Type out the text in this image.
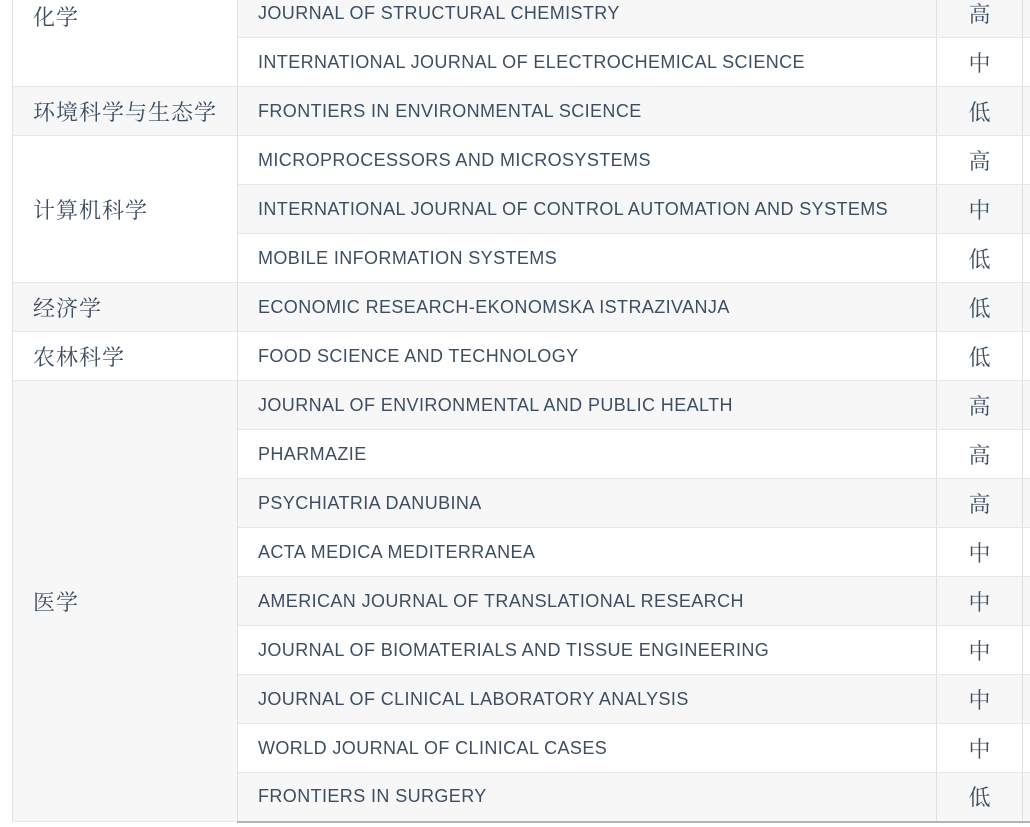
化学	JOURNAL OF STRUCTURAL CHEMISTRY	高	
	INTERNATIONAL JOURNAL OF ELECTROCHEMICAL SCIENCE	中	
环境科学与生态学	FRONTIERS IN ENVIRONMENTAL SCIENCE	低	
计算机科学	MICROPROCESSORS AND MICROSYSTEMS	高	
	INTERNATIONAL JOURNAL OF CONTROL AUTOMATION AND SYSTEMS	中	
	MOBILE INFORMATION SYSTEMS	低	
经济学	ECONOMIC RESEARCH-EKONOMSKA ISTRAZIVANJA	低	
农林科学	FOOD SCIENCE AND TECHNOLOGY	低	
医学	JOURNAL OF ENVIRONMENTAL AND PUBLIC HEALTH	高	
	PHARMAZIE	高	
	PSYCHIATRIA DANUBINA	高	
	ACTA MEDICA MEDITERRANEA	中	
	AMERICAN JOURNAL OF TRANSLATIONAL RESEARCH	中	
	JOURNAL OF BIOMATERIALS AND TISSUE ENGINEERING	中	
	JOURNAL OF CLINICAL LABORATORY ANALYSIS	中	
	WORLD JOURNAL OF CLINICAL CASES	中	
	FRONTIERS IN SURGERY	低	
